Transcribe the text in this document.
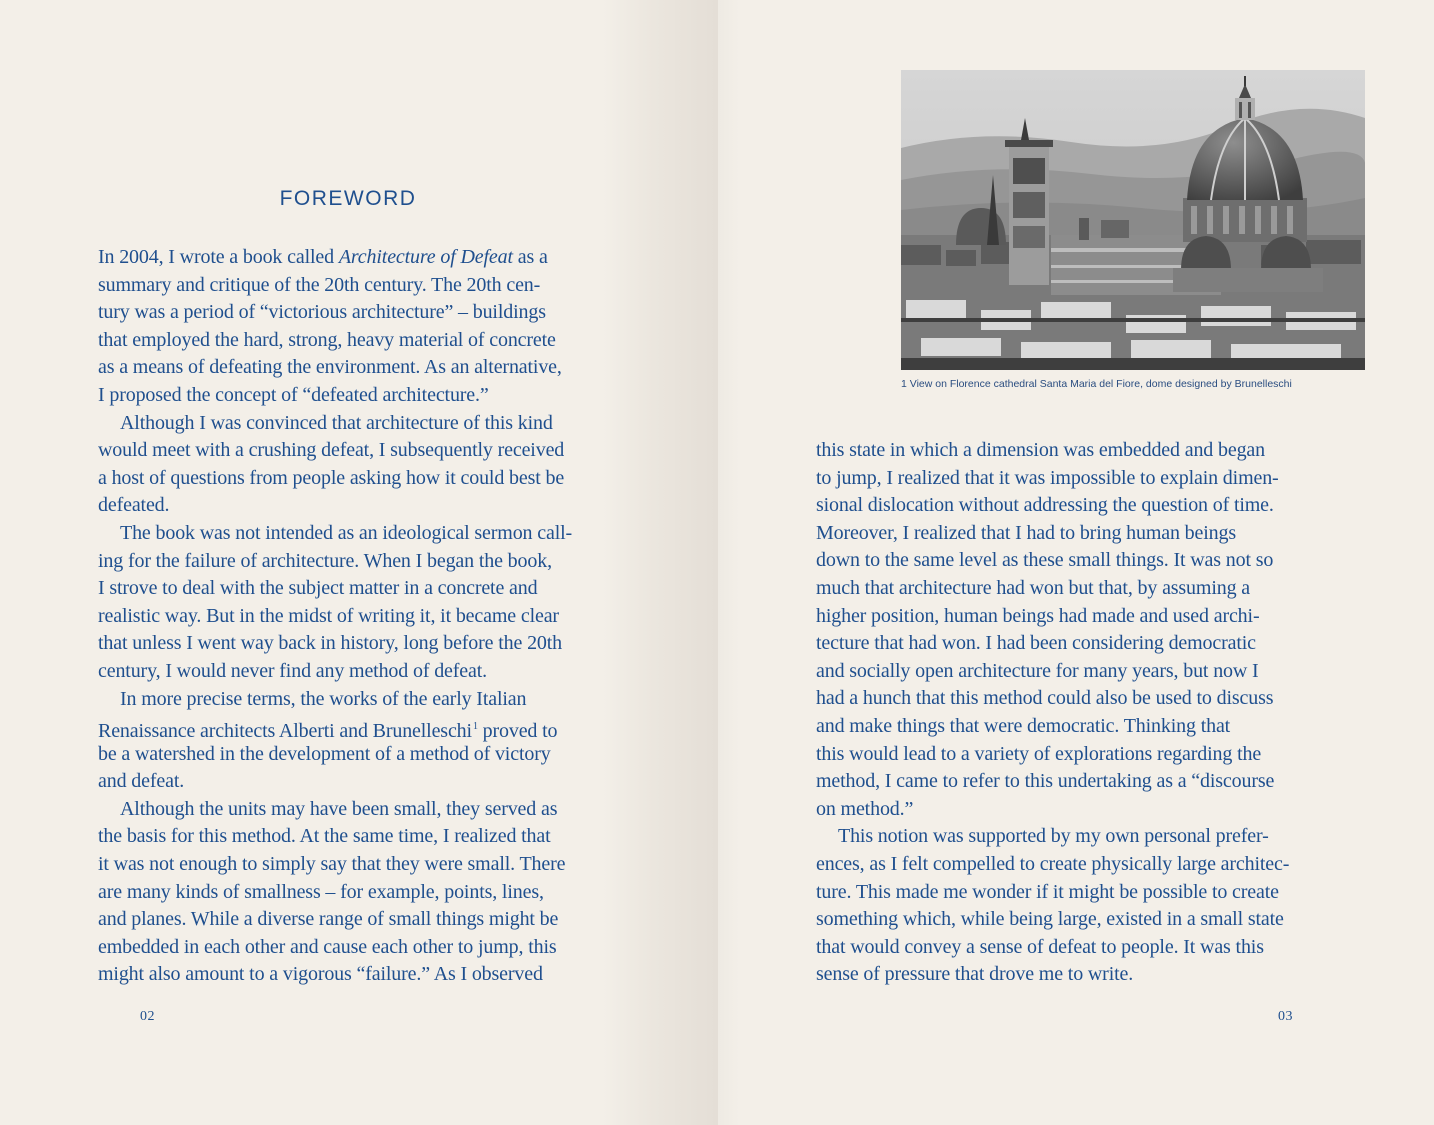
FOREWORD
In 2004, I wrote a book called Architecture of Defeat as a
summary and critique of the 20th century. The 20th cen-
tury was a period of “victorious architecture” – buildings
that employed the hard, strong, heavy material of concrete
as a means of defeating the environment. As an alternative,
I proposed the concept of “defeated architecture.”
Although I was convinced that architecture of this kind
would meet with a crushing defeat, I subsequently received
a host of questions from people asking how it could best be
defeated.
The book was not intended as an ideological sermon call-
ing for the failure of architecture. When I began the book,
I strove to deal with the subject matter in a concrete and
realistic way. But in the midst of writing it, it became clear
that unless I went way back in history, long before the 20th
century, I would never find any method of defeat.
In more precise terms, the works of the early Italian
Renaissance architects Alberti and Brunelleschi$^1$ proved to
be a watershed in the development of a method of victory
and defeat.
Although the units may have been small, they served as
the basis for this method. At the same time, I realized that
it was not enough to simply say that they were small. There
are many kinds of smallness – for example, points, lines,
and planes. While a diverse range of small things might be
embedded in each other and cause each other to jump, this
might also amount to a vigorous “failure.” As I observed
02
1 View on Florence cathedral Santa Maria del Fiore, dome designed by Brunelleschi
this state in which a dimension was embedded and began
to jump, I realized that it was impossible to explain dimen-
sional dislocation without addressing the question of time.
Moreover, I realized that I had to bring human beings
down to the same level as these small things. It was not so
much that architecture had won but that, by assuming a
higher position, human beings had made and used archi-
tecture that had won. I had been considering democratic
and socially open architecture for many years, but now I
had a hunch that this method could also be used to discuss
and make things that were democratic. Thinking that
this would lead to a variety of explorations regarding the
method, I came to refer to this undertaking as a “discourse
on method.”
This notion was supported by my own personal prefer-
ences, as I felt compelled to create physically large architec-
ture. This made me wonder if it might be possible to create
something which, while being large, existed in a small state
that would convey a sense of defeat to people. It was this
sense of pressure that drove me to write.
03
